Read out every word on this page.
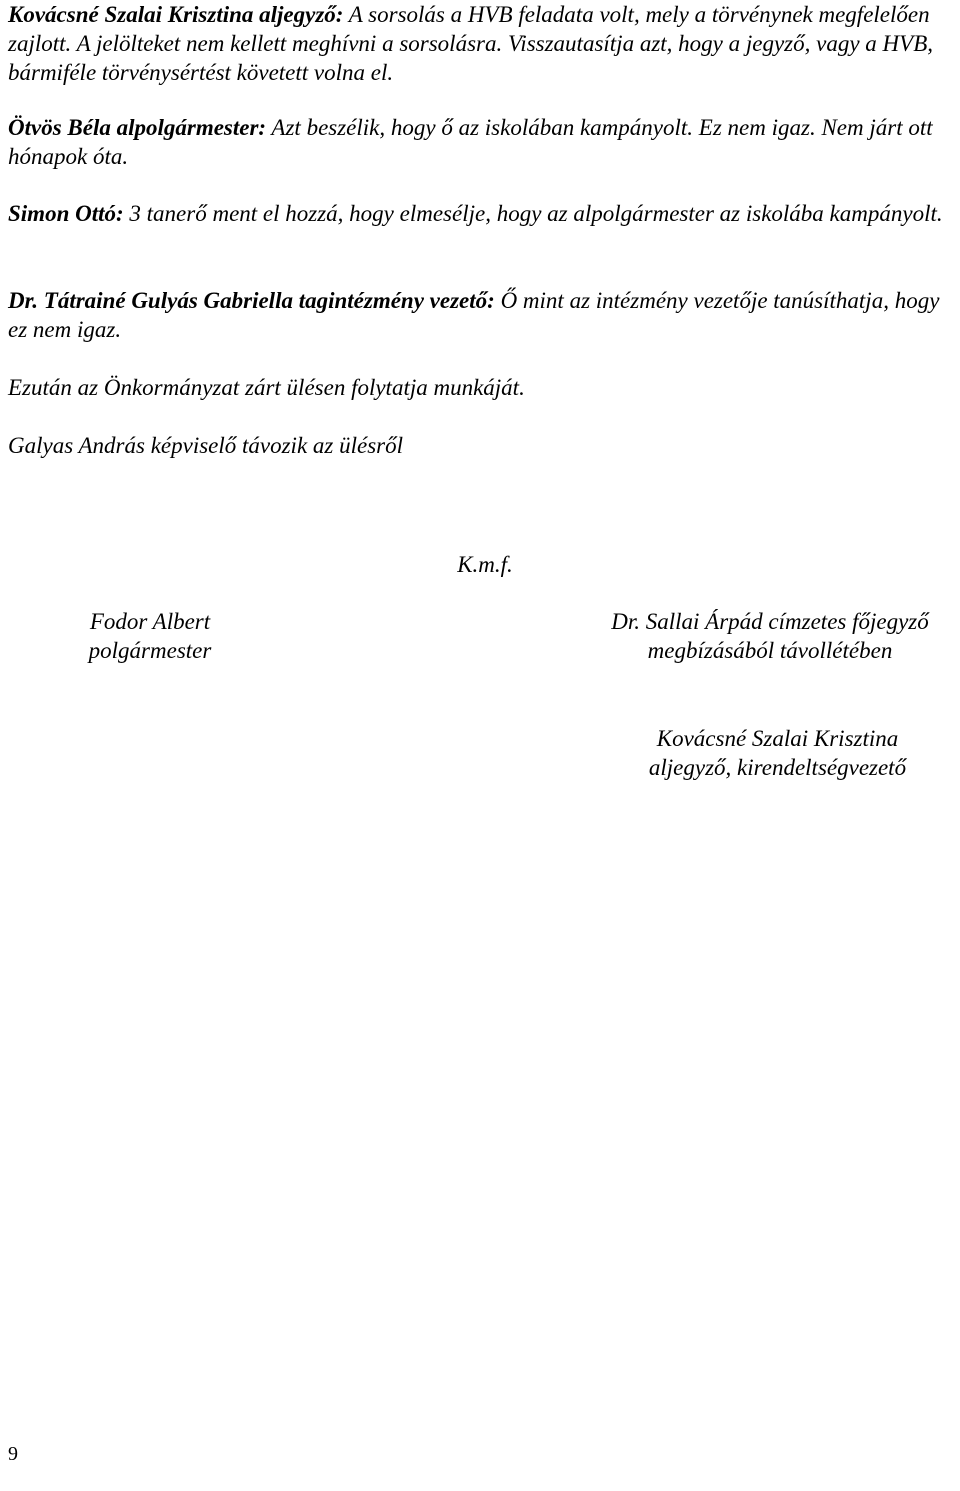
Kovácsné Szalai Krisztina aljegyző: A sorsolás a HVB feladata volt, mely a törvénynek megfelelően zajlott. A jelölteket nem kellett meghívni a sorsolásra. Visszautasítja azt, hogy a jegyző, vagy a HVB, bármiféle törvénysértést követett volna el.

Ötvös Béla alpolgármester: Azt beszélik, hogy ő az iskolában kampányolt. Ez nem igaz. Nem járt ott hónapok óta.

Simon Ottó: 3 tanerő ment el hozzá, hogy elmesélje, hogy az alpolgármester az iskolába kampányolt.

Dr. Tátrainé Gulyás Gabriella tagintézmény vezető: Ő mint az intézmény vezetője tanúsíthatja, hogy ez nem igaz.

Ezután az Önkormányzat zárt ülésen folytatja munkáját.

Galyas András képviselő távozik az ülésről

K.m.f.

Fodor Albert
polgármester
Dr. Sallai Árpád címzetes főjegyző
megbízásából távollétében
Kovácsné Szalai Krisztina
aljegyző, kirendeltségvezető
9
